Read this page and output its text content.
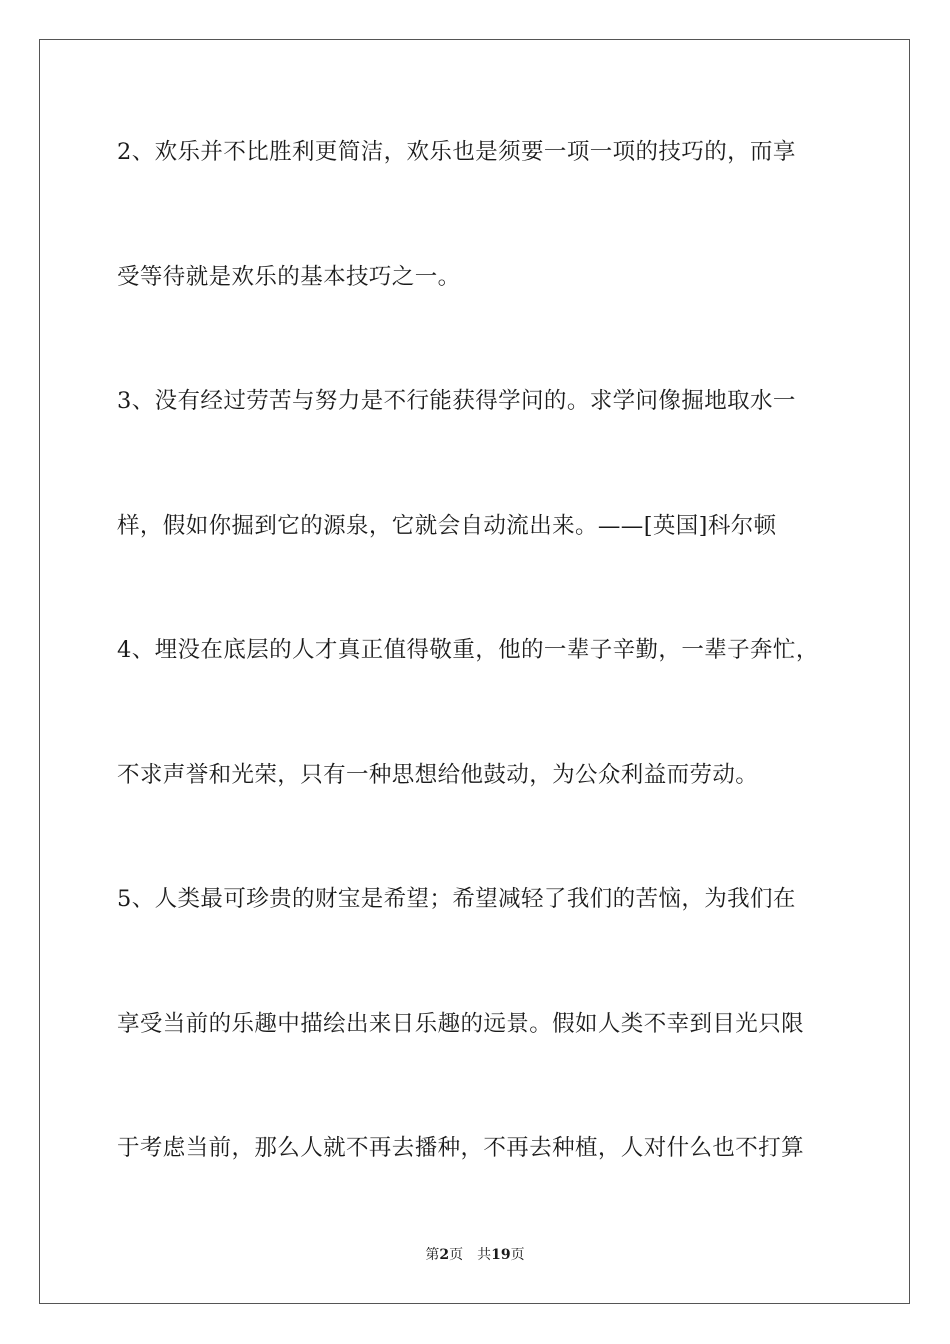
2、欢乐并不比胜利更简洁，欢乐也是须要一项一项的技巧的，而享
受等待就是欢乐的基本技巧之一。
3、没有经过劳苦与努力是不行能获得学问的。求学问像掘地取水一
样，假如你掘到它的源泉，它就会自动流出来。——[英国]科尔顿
4、埋没在底层的人才真正值得敬重，他的一辈子辛勤，一辈子奔忙，
不求声誉和光荣，只有一种思想给他鼓动，为公众利益而劳动。
5、人类最可珍贵的财宝是希望；希望减轻了我们的苦恼，为我们在
享受当前的乐趣中描绘出来日乐趣的远景。假如人类不幸到目光只限
于考虑当前，那么人就不再去播种，不再去种植，人对什么也不打算
第2页 共19页
